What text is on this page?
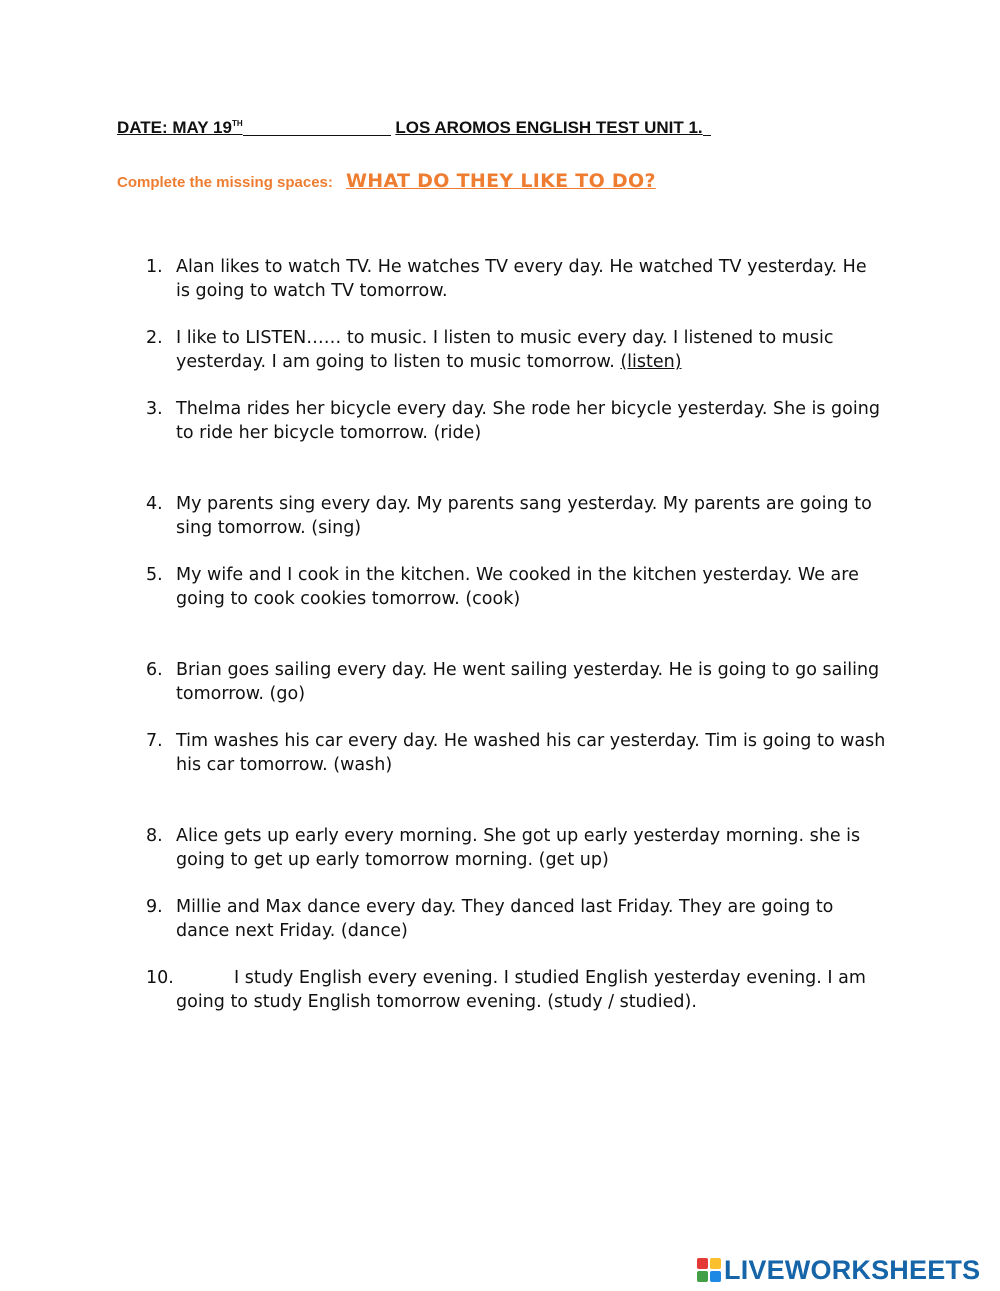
DATE: MAY 19TH	LOS AROMOS ENGLISH TEST UNIT 1.
Complete the missing spaces: WHAT DO THEY LIKE TO DO?
1. Alan likes to watch TV. He watches TV every day. He watched TV yesterday. He is going to watch TV tomorrow.
2. I like to LISTEN…… to music. I listen to music every day. I listened to music yesterday. I am going to listen to music tomorrow. (listen)
3. Thelma rides her bicycle every day. She rode her bicycle yesterday. She is going to ride her bicycle tomorrow. (ride)
4. My parents sing every day. My parents sang yesterday. My parents are going to sing tomorrow. (sing)
5. My wife and I cook in the kitchen. We cooked in the kitchen yesterday. We are going to cook cookies tomorrow. (cook)
6. Brian goes sailing every day. He went sailing yesterday. He is going to go sailing tomorrow. (go)
7. Tim washes his car every day. He washed his car yesterday. Tim is going to wash his car tomorrow. (wash)
8. Alice gets up early every morning. She got up early yesterday morning. she is going to get up early tomorrow morning. (get up)
9. Millie and Max dance every day. They danced last Friday. They are going to dance next Friday. (dance)
10.	I study English every evening. I studied English yesterday evening. I am going to study English tomorrow evening. (study / studied).
LIVEWORKSHEETS
